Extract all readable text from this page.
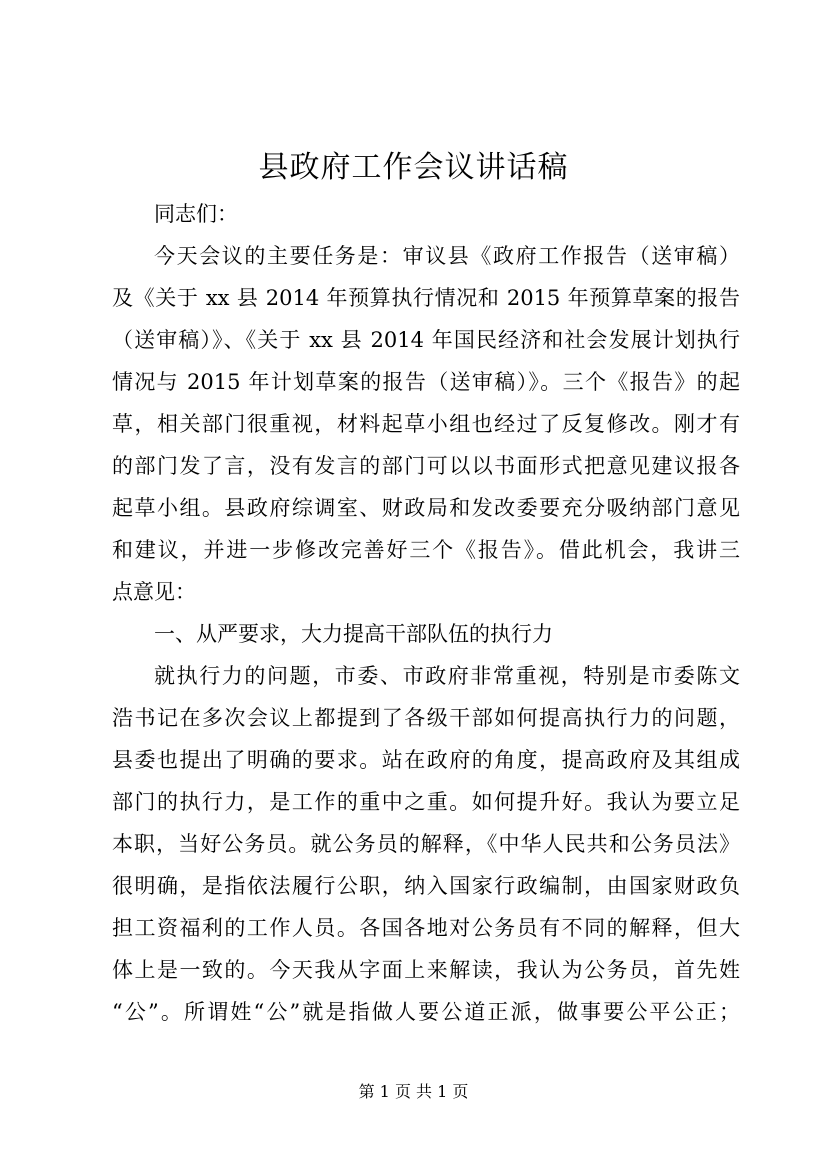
县政府工作会议讲话稿
同志们：
今天会议的主要任务是：审议县《政府工作报告（送审稿）
及《关于 xx 县 2014 年预算执行情况和 2015 年预算草案的报告
（送审稿）》、《关于 xx 县 2014 年国民经济和社会发展计划执行
情况与 2015 年计划草案的报告（送审稿）》。三个《报告》的起
草，相关部门很重视，材料起草小组也经过了反复修改。刚才有
的部门发了言，没有发言的部门可以以书面形式把意见建议报各
起草小组。县政府综调室、财政局和发改委要充分吸纳部门意见
和建议，并进一步修改完善好三个《报告》。借此机会，我讲三
点意见：
一、从严要求，大力提高干部队伍的执行力
就执行力的问题，市委、市政府非常重视，特别是市委陈文
浩书记在多次会议上都提到了各级干部如何提高执行力的问题，
县委也提出了明确的要求。站在政府的角度，提高政府及其组成
部门的执行力，是工作的重中之重。如何提升好。我认为要立足
本职，当好公务员。就公务员的解释，《中华人民共和公务员法》
很明确，是指依法履行公职，纳入国家行政编制，由国家财政负
担工资福利的工作人员。各国各地对公务员有不同的解释，但大
体上是一致的。今天我从字面上来解读，我认为公务员，首先姓
“公”。所谓姓“公”就是指做人要公道正派，做事要公平公正；
第 1 页 共 1 页
